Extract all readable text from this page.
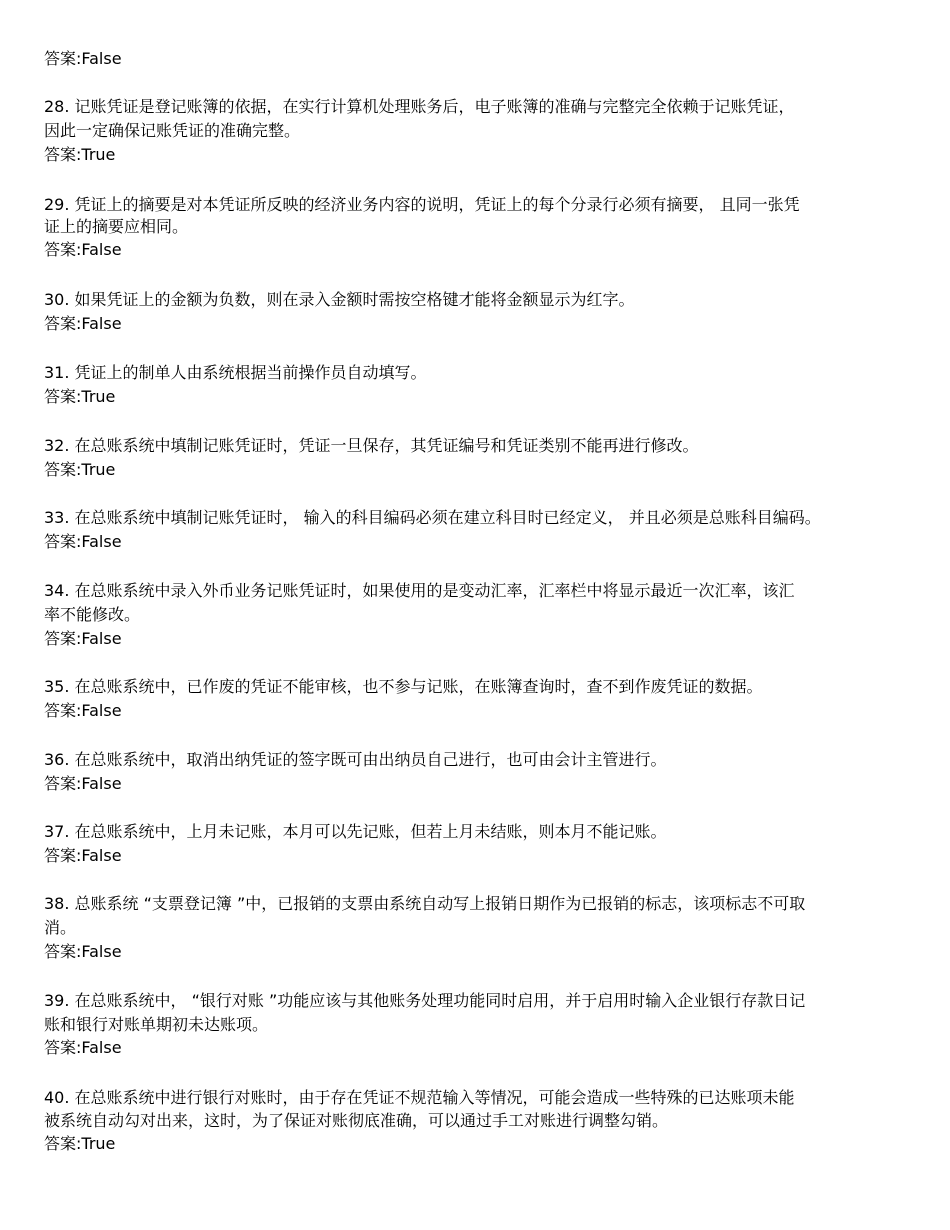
答案:False
28. 记账凭证是登记账簿的依据，在实行计算机处理账务后，电子账簿的准确与完整完全依赖于记账凭证，
因此一定确保记账凭证的准确完整。
答案:True
29. 凭证上的摘要是对本凭证所反映的经济业务内容的说明，凭证上的每个分录行必须有摘要， 且同一张凭
证上的摘要应相同。
答案:False
30. 如果凭证上的金额为负数，则在录入金额时需按空格键才能将金额显示为红字。
答案:False
31. 凭证上的制单人由系统根据当前操作员自动填写。
答案:True
32. 在总账系统中填制记账凭证时，凭证一旦保存，其凭证编号和凭证类别不能再进行修改。
答案:True
33. 在总账系统中填制记账凭证时， 输入的科目编码必须在建立科目时已经定义， 并且必须是总账科目编码。
答案:False
34. 在总账系统中录入外币业务记账凭证时，如果使用的是变动汇率，汇率栏中将显示最近一次汇率，该汇
率不能修改。
答案:False
35. 在总账系统中，已作废的凭证不能审核，也不参与记账，在账簿查询时，查不到作废凭证的数据。
答案:False
36. 在总账系统中，取消出纳凭证的签字既可由出纳员自己进行，也可由会计主管进行。
答案:False
37. 在总账系统中，上月未记账，本月可以先记账，但若上月未结账，则本月不能记账。
答案:False
38. 总账系统 “支票登记簿 ”中，已报销的支票由系统自动写上报销日期作为已报销的标志，该项标志不可取
消。
答案:False
39. 在总账系统中， “银行对账 ”功能应该与其他账务处理功能同时启用，并于启用时输入企业银行存款日记
账和银行对账单期初未达账项。
答案:False
40. 在总账系统中进行银行对账时，由于存在凭证不规范输入等情况，可能会造成一些特殊的已达账项未能
被系统自动勾对出来，这时，为了保证对账彻底准确，可以通过手工对账进行调整勾销。
答案:True
